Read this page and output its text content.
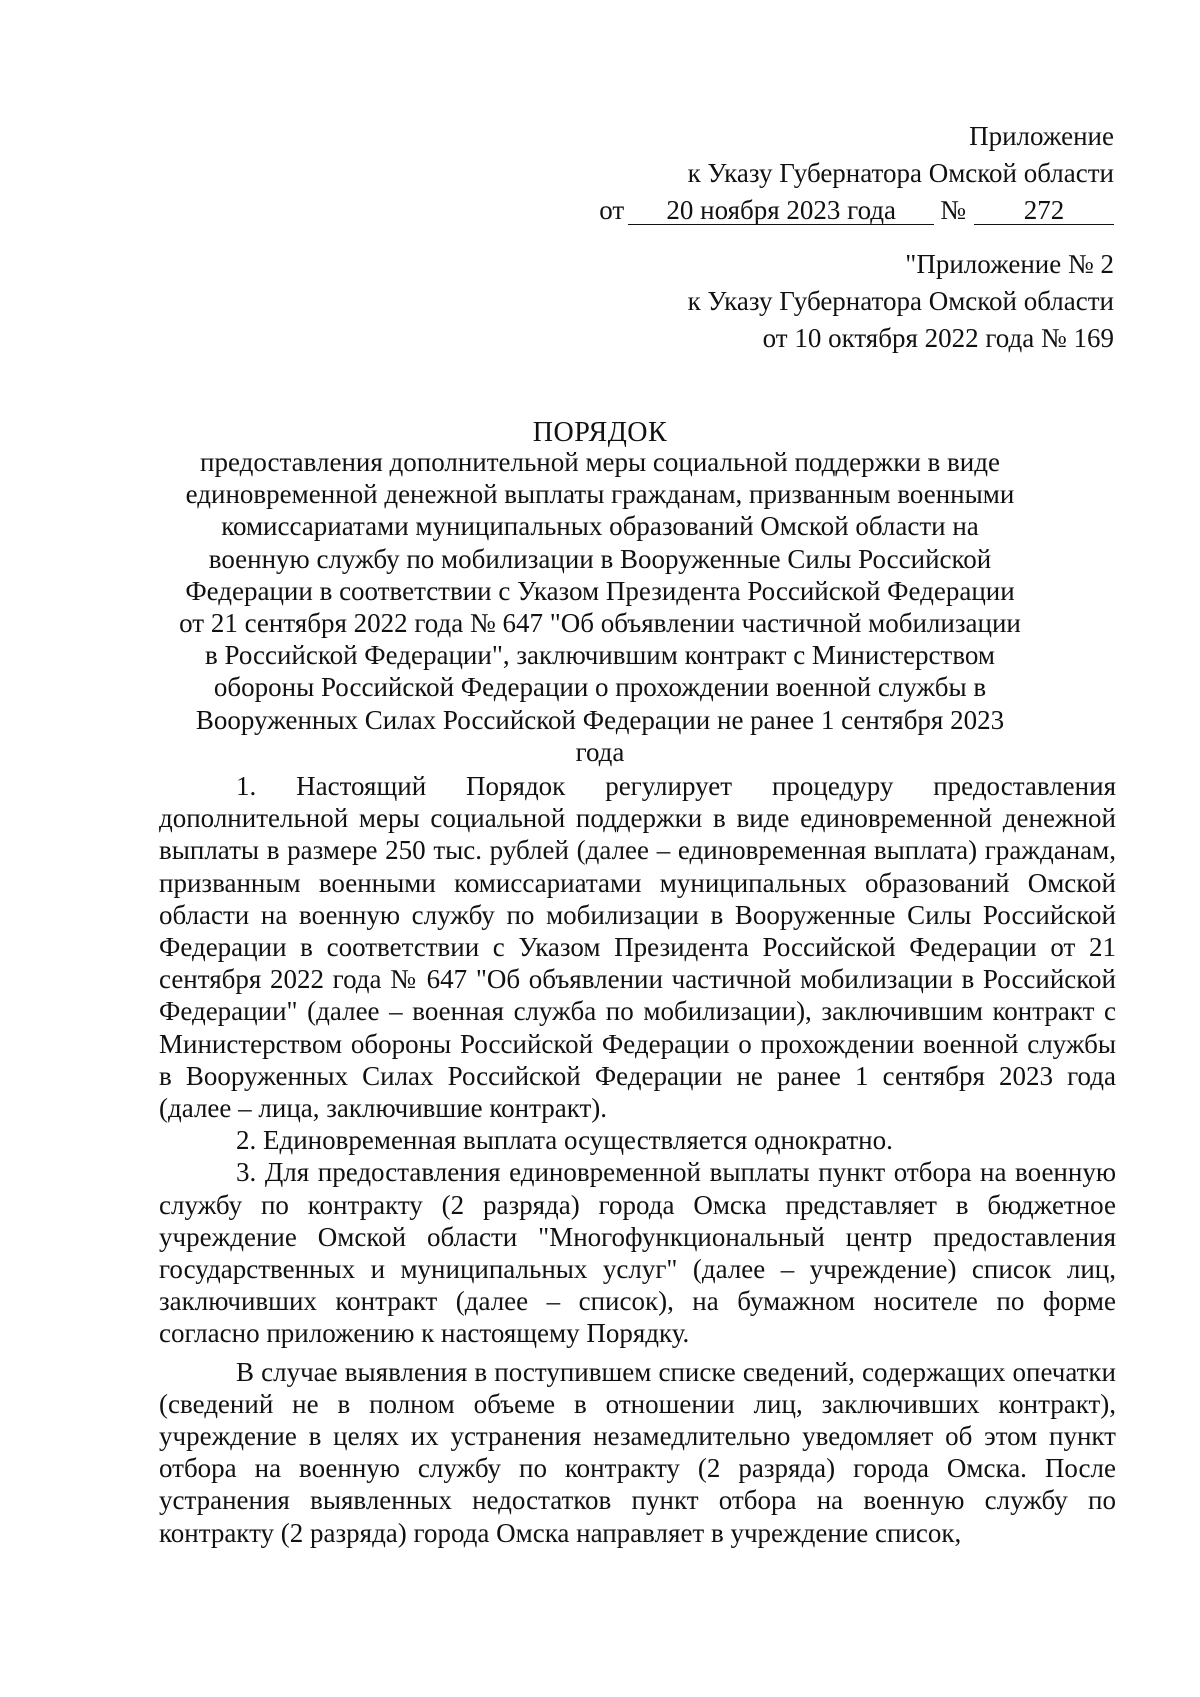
Приложение
к Указу Губернатора Омской области
от 20 ноября 2023 года № 272
"Приложение № 2
к Указу Губернатора Омской области
от 10 октября 2022 года № 169
ПОРЯДОК
предоставления дополнительной меры социальной поддержки в виде единовременной денежной выплаты гражданам, призванным военными комиссариатами муниципальных образований Омской области на военную службу по мобилизации в Вооруженные Силы Российской Федерации в соответствии с Указом Президента Российской Федерации от 21 сентября 2022 года № 647 "Об объявлении частичной мобилизации в Российской Федерации", заключившим контракт с Министерством обороны Российской Федерации о прохождении военной службы в Вооруженных Силах Российской Федерации не ранее 1 сентября 2023 года

1. Настоящий Порядок регулирует процедуру предоставления дополнительной меры социальной поддержки в виде единовременной денежной выплаты в размере 250 тыс. рублей (далее – единовременная выплата) гражданам, призванным военными комиссариатами муниципальных образований Омской области на военную службу по мобилизации в Вооруженные Силы Российской Федерации в соответствии с Указом Президента Российской Федерации от 21 сентября 2022 года № 647 "Об объявлении частичной мобилизации в Российской Федерации" (далее – военная служба по мобилизации), заключившим контракт с Министерством обороны Российской Федерации о прохождении военной службы в Вооруженных Силах Российской Федерации не ранее 1 сентября 2023 года (далее – лица, заключившие контракт).

2. Единовременная выплата осуществляется однократно.

3. Для предоставления единовременной выплаты пункт отбора на военную службу по контракту (2 разряда) города Омска представляет в бюджетное учреждение Омской области "Многофункциональный центр предоставления государственных и муниципальных услуг" (далее – учреждение) список лиц, заключивших контракт (далее – список), на бумажном носителе по форме согласно приложению к настоящему Порядку.

В случае выявления в поступившем списке сведений, содержащих опечатки (сведений не в полном объеме в отношении лиц, заключивших контракт), учреждение в целях их устранения незамедлительно уведомляет об этом пункт отбора на военную службу по контракту (2 разряда) города Омска. После устранения выявленных недостатков пункт отбора на военную службу по контракту (2 разряда) города Омска направляет в учреждение список,
